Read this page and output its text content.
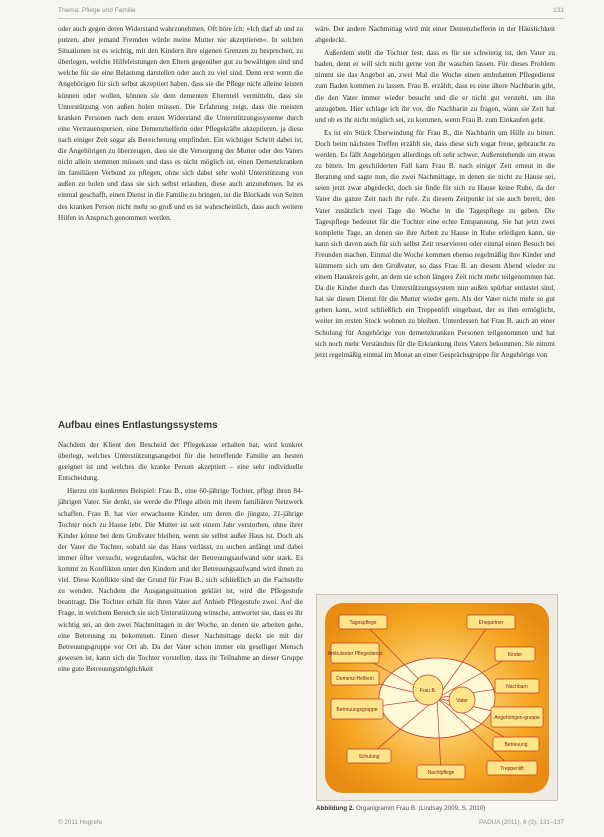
Thema: Pflege und Familie	131

oder auch gegen deren Widerstand wahrzunehmen. Oft höre ich: »Ich darf ab und zu putzen, aber jemand Fremden würde meine Mutter nie akzeptieren«. In solchen Situationen ist es wichtig, mit den Kindern ihre eigenen Grenzen zu besprechen, zu überlegen, welche Hilfeleistungen den Eltern gegenüber gut zu bewältigen sind und welche für sie eine Belastung darstellen oder auch zu viel sind. Denn erst wenn die Angehörigen für sich selbst akzeptiert haben, dass sie die Pflege nicht alleine leisten können oder wollen, können sie dem dementen Elternteil vermitteln, dass sie Unterstützung von außen holen müssen. Die Erfahrung zeigt, dass die meisten kranken Personen nach dem ersten Widerstand die Unterstützungssysteme durch eine Vertrauensperson, eine Demenzhelferin oder Pflegekräfte akzeptieren, ja diese nach einiger Zeit sogar als Bereicherung empfinden. Ein wichtiger Schritt dabei ist, die Angehörigen zu überzeugen, dass sie die Versorgung der Mutter oder des Vaters nicht allein stemmen müssen und dass es nicht möglich ist, einen Demenzkranken im familiären Verbund zu pflegen, ohne sich dabei sehr wohl Unterstützung von außen zu holen und dass sie sich selbst erlauben, diese auch anzunehmen. Ist es einmal geschafft, einen Dienst in die Familie zu bringen, ist die Blockade von Seiten des kranken Person nicht mehr so groß und es ist wahrscheinlich, dass auch weitere Hilfen in Anspruch genommen werden.

Aufbau eines Entlastungssystems

Nachdem der Klient den Bescheid der Pflegekasse erhalten hat, wird konkret überlegt, welches Unterstützungsangebot für die betreffende Familie am besten geeignet ist und welches die kranke Person akzeptiert – eine sehr individuelle Entscheidung.

Hierzu ein konkretes Beispiel: Frau B., eine 60-jährige Tochter, pflegt ihren 84-jährigen Vater. Sie denkt, sie werde die Pflege allein mit ihrem familiären Netzwerk schaffen. Frau B. hat vier erwachsene Kinder, um deren die jüngste, 21-jährige Tochter noch zu Hause lebt. Die Mutter ist seit einem Jahr verstorben, ohne ihrer Kinder könne bei dem Großvater bleiben, wenn sie selbst außer Haus ist. Doch als der Vater die Tochter, sobald sie das Haus verlässt, zu suchen anfängt und dabei immer öfter versucht, wegzulaufen, wächst der Betreuungsaufwand sehr stark. Es kommt zu Konflikten unter den Kindern und der Betreuungsaufwand wird ihnen zu viel. Diese Konflikte sind der Grund für Frau B., sich schließlich an die Fachstelle zu wenden. Nachdem die Ausgangssituation geklärt ist, wird die Pflegestufe beantragt. Die Tochter erhält für ihren Vater auf Anhieb Pflegestufe zwei. Auf die Frage, in welchem Bereich sie sich Unterstützung wünsche, antwortet sie, dass es ihr wichtig sei, an den zwei Nachmittagen in der Woche, an denen sie arbeiten gehe, eine Betreuung zu bekommen. Einen dieser Nachmittage deckt sie mit der Betreuungsgruppe vor Ort ab. Da der Vater schon immer ein geselliger Mensch gewesen ist, kann sich die Tochter vorstellen, dass ihr Teilnahme an dieser Gruppe eine gute Betreuungsmöglichkeit

wäre. Der andere Nachmittag wird mit einer Demenzhelferin in der Häuslichkeit abgedeckt.

Außerdem stellt die Tochter fest, dass es für sie schwierig ist, den Vater zu baden, denn er will sich nicht gerne von ihr waschen lassen. Für dieses Problem nimmt sie das Angebot an, zwei Mal die Woche einen ambulanten Pflegedienst zum Baden kommen zu lassen. Frau B. erzählt, dass es eine ältere Nachbarin gibt, die den Vater immer wieder besucht und die er nicht gut versteht, um ihn anzugeben. Hier schlage ich ihr vor, die Nachbarin zu fragen, wann sie Zeit hat und ob es ihr nicht möglich sei, zu kommen, wenn Frau B. zum Einkaufen geht.

Es ist ein Stück Überwindung für Frau B., die Nachbarin um Hilfe zu bitten. Doch beim nächsten Treffen erzählt sie, dass diese sich sogar freue, gebraucht zu werden. Es fällt Angehörigen allerdings oft sehr schwer, Außenstehende um etwas zu bitten. Im geschilderten Fall kam Frau B. nach einiger Zeit erneut in die Beratung und sagte nun, die zwei Nachmittage, in denen sie nicht zu Hause sei, seien jetzt zwar abgedeckt, doch sie finde für sich zu Hause keine Ruhe, da der Vater die ganze Zeit nach ihr rufe. Zu diesem Zeitpunkt ist sie auch bereit, den Vater zusätzlich zwei Tage die Woche in die Tagespflege zu geben. Die Tagespflege bedeutet für die Tochter eine echte Entspannung. Sie hat jetzt zwei komplette Tage, an denen sie ihre Arbeit zu Hause in Ruhe erledigen kann, sie kann sich davon auch für sich selbst Zeit reservieren oder einmal einen Besuch bei Freunden machen. Einmal die Woche kommen ebenso regelmäßig ihre Kinder und kümmern sich um den Großvater, so dass Frau B. an diesem Abend wieder zu einem Hauskreis geht, an dem sie schon längere Zeit nicht mehr teilgenommen hat. Da die Kinder durch das Unterstützungssystem nun außen spürbar entlastet sind, hat sie diesen Dienst für die Mutter wieder gern. Als der Vater nicht mehr so gut gehen kann, wird schließlich ein Treppenlift eingebaut, der es ihm ermöglicht, weiter im ersten Stock wohnen zu bleiben. Unterdessen hat Frau B. auch an einer Schulung für Angehörige von demenzkranken Personen teilgenommen und hat sich noch mehr Verständnis für die Erkrankung ihres Vaters bekommen. Sie nimmt jetzt regelmäßig einmal im Monat an einer Gesprächsgruppe für Angehörige von

Tagespflege	Ehepartner
Ambulanter Pflegedienst
Demenz-Helferin
Kinder
Nachbarn
Betreuungsgruppe
Frau B.
Vater
Angehörigen-gruppe
Betreuung
Schulung
Nachtpflege
Treppenlift
Abbildung 2. Organigramm Frau B. (Lindsay 2009, S. 2010)
© 2011 Hogrefe	PADUA (2011), 6 (3), 131–137
